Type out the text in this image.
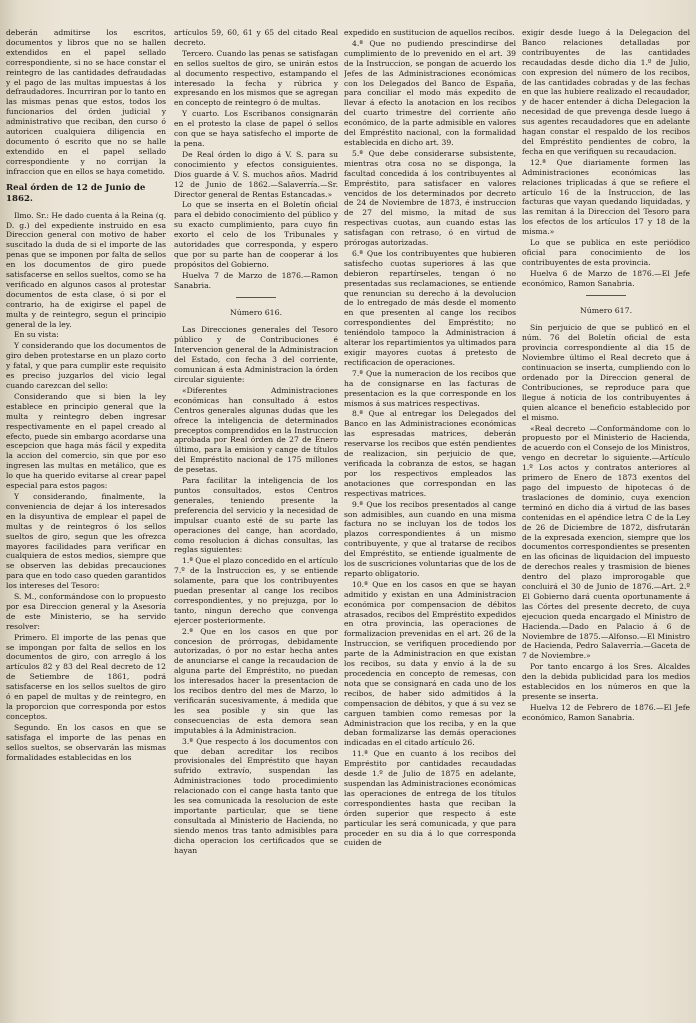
deberán admitirse los escritos, documentos y libros que no se hallen extendidos en el papel sellado correspondiente, si no se hace constar el reintegro de las cantidades defraudadas y el pago de las multas impuestas á los defraudadores. Incurriran por lo tanto en las mismas penas que estos, todos los funcionarios del órden judicial y administrativo que reciban, den curso ó autoricen cualquiera diligencia en documento ó escrito que no se halle extendido en el papel sellado correspondiente y no corrijan la infraccion que en ellos se haya cometido.

Real órden de 12 de Junio de 1862.

Ilmo. Sr.: He dado cuenta á la Reina (q. D. g.) del expediente instruido en esa Direccion general con motivo de haber suscitado la duda de si el importe de las penas que se imponen por falta de sellos en los documentos de giro puede satisfacerse en sellos sueltos, como se ha verificado en algunos casos al protestar documentos de esta clase, ó si por el contrario, ha de exigirse el papel de multa y de reintegro, segun el principio general de la ley.

En su vista:

Y considerando que los documentos de giro deben protestarse en un plazo corto y fatal, y que para cumplir este requisito es preciso juzgarlos del vicio legal cuando carezcan del sello:

Considerando que si bien la ley establece en principio general que la multa y reintegro deben ingresar respectivamente en el papel creado al efecto, puede sin embargo acordarse una escepcion que haga más fácil y expedita la accion del comercio, sin que por eso ingresen las multas en metálico, que es lo que ha querido evitarse al crear papel especial para estos pagos:

Y considerando, finalmente, la conveniencia de dejar á los interesados en la disyuntiva de emplear el papel de multas y de reintegros ó los sellos sueltos de giro, segun que les ofrezca mayores facilidades para verificar en cualquiera de estos medios, siempre que se observen las debidas precauciones para que en todo caso queden garantidos los intereses del Tesoro:

S. M., conformándose con lo propuesto por esa Direccion general y la Asesoría de este Ministerio, se ha servido resolver:

Primero. El importe de las penas que se impongan por falta de sellos en los documentos de giro, con arreglo á los artículos 82 y 83 del Real decreto de 12 de Setiembre de 1861, podrá satisfacerse en los sellos sueltos de giro ó en papel de multas y de reintegro, en la proporcion que corresponda por estos conceptos.

Segundo. En los casos en que se satisfaga el importe de las penas en sellos sueltos, se observarán las mismas formalidades establecidas en los

artículos 59, 60, 61 y 65 del citado Real decreto.

Tercero. Cuando las penas se satisfagan en sellos sueltos de giro, se unirán estos al documento respectivo, estampando el interesado la fecha y rúbrica y expresando en los mismos que se agregan en concepto de reintegro ó de multas.

Y cuarto. Los Escribanos consignarán en el protesto la clase de papel ó sellos con que se haya satisfecho el importe de la pena.

De Real órden lo digo á V. S. para su conocimiento y efectos consiguientes. Dios guarde á V. S. muchos años. Madrid 12 de Junio de 1862.—Salaverría.—Sr. Director general de Rentas Estancadas.»

Lo que se inserta en el Boletín oficial para el debido conocimiento del público y su exacto cumplimiento, para cuyo fin exorto el celo de los Tribunales y autoridades que corresponda, y espero que por su parte han de cooperar á los propósitos del Gobierno.

Huelva 7 de Marzo de 1876.—Ramon Sanabria.

Número 616.

Las Direcciones generales del Tesoro público y de Contribuciones é Intervencion general de la Administracion del Estado, con fecha 3 del corriente, comunican á esta Administracion la órden circular siguiente:

«Diferentes Administraciones económicas han consultado á estos Centros generales algunas dudas que les ofrece la inteligencia de determinados preceptos comprendidos en la Instruccion aprobada por Real órden de 27 de Enero último, para la emision y cange de títulos del Empréstito nacional de 175 millones de pesetas.

Para facilitar la inteligencia de los puntos consultados, estos Centros generales, teniendo presente la preferencia del servicio y la necesidad de impulsar cuanto esté de su parte las operaciones del cange, han acordado, como resolucion á dichas consultas, las reglas siguientes:

1.ª Que el plazo concedido en el artículo 7.º de la Instruccion es, y se entiende solamente, para que los contribuyentes puedan presentar al cange los recibos correspondientes, y no prejuzga, por lo tanto, ningun derecho que convenga ejercer posteriormente.

2.ª Que en los casos en que por concesion de prórrogas, debidamente autorizadas, ó por no estar hecha antes de anunciarse el cange la recaudacion de alguna parte del Empréstito, no puedan los interesados hacer la presentacion de los recibos dentro del mes de Marzo, lo verificarán sucesivamente, á medida que les sea posible y sin que las consecuencias de esta demora sean imputables á la Administracion.

3.ª Que respecto á los documentos con que deban acreditar los recibos provisionales del Empréstito que hayan sufrido extravío, suspendan las Administraciones todo procedimiento relacionado con el cange hasta tanto que les sea comunicada la resolucion de este importante particular, que se tiene consultada al Ministerio de Hacienda, no siendo menos tras tanto admisibles para dicha operacion los certificados que se hayan

expedido en sustitucion de aquellos recibos.

4.ª Que no pudiendo prescindirse del cumplimiento de lo prevenido en el art. 39 de la Instruccion, se pongan de acuerdo los Jefes de las Administraciones económicas con los Delegados del Banco de España, para conciliar el modo más expedito de llevar á efecto la anotacion en los recibos del cuarto trimestre del corriente año económico, de la parte admisible en valores del Empréstito nacional, con la formalidad establecida en dicho art. 39.

5.ª Que debe considerarse subsistente, mientras otra cosa no se disponga, la facultad concedida á los contribuyentes al Empréstito, para satisfacer en valores vencidos de los determinados por decreto de 24 de Noviembre de 1873, é instruccion de 27 del mismo, la mitad de sus respectivas cuotas, aun cuando estas las satisfagan con retraso, ó en virtud de prórogas autorizadas.

6.ª Que los contribuyentes que hubieren satisfecho cuotas superiores á las que debieron repartírseles, tengan ó no presentadas sus reclamaciones, se entiende que renuncian su derecho á la devolucion de lo entregado de más desde el momento en que presenten al cange los recibos correspondientes del Empréstito; no teniéndolo tampoco la Administracion á alterar los repartimientos ya ultimados para exigir mayores cuotas á pretesto de rectificacion de operaciones.

7.ª Que la numeracion de los recibos que ha de consignarse en las facturas de presentacion es la que corresponde en los mismos á sus matrices respectivas.

8.ª Que al entregar los Delegados del Banco en las Administraciones económicas las espresadas matrices, deberán reservarse los recibos que estén pendientes de realizacion, sin perjuicio de que, verificada la cobranza de estos, se hagan por los respectivos empleados las anotaciones que correspondan en las respectivas matrices.

9.ª Que los recibos presentados al cange son admisibles, aun cuando en una misma factura no se incluyan los de todos los plazos correspondientes á un mismo contribuyente, y que al tratarse de recibos del Empréstito, se entiende igualmente de los de suscriciones voluntarias que de los de reparto obligatorio.

10.ª Que en los casos en que se hayan admitido y existan en una Administracion económica por compensacion de débitos atrasados, recibos del Empréstito expedidos en otra provincia, las operaciones de formalizacion prevenidas en el art. 26 de la Instruccion, se verifiquen procediendo por parte de la Administracion en que existan los recibos, su data y envío á la de su procedencia en concepto de remesas, con nota que se consignará en cada uno de los recibos, de haber sido admitidos á la compensacion de débitos, y que á su vez se carguen tambien como remesas por la Administracion que los reciba, y en la que deban formalizarse las demás operaciones indicadas en el citado artículo 26.

11.ª Que en cuanto á los recibos del Empréstito por cantidades recaudadas desde 1.º de Julio de 1875 en adelante, suspendan las Administraciones económicas las operaciones de entrega de los títulos correspondientes hasta que reciban la órden superior que respecto á este particular les será comunicada, y que para proceder en su dia á lo que corresponda cuiden de

exigir desde luego á la Delegacion del Banco relaciones detalladas por contribuyentes de las cantidades recaudadas desde dicho dia 1.º de Julio, con expresion del número de los recibos, de las cantidades cobradas y de las fechas en que las hubiere realizado el recaudador, y de hacer entender á dicha Delegacion la necesidad de que prevenga desde luego á sus agentes recaudadores que en adelante hagan constar el respaldo de los recibos del Empréstito pendientes de cobro, la fecha en que verifiquen su recaudacion.

12.ª Que diariamente formen las Administraciones económicas las relaciones triplicadas á que se refiere el artículo 16 de la Instruccion, de las facturas que vayan quedando liquidadas, y las remitan á la Direccion del Tesoro para los efectos de los artículos 17 y 18 de la misma.»

Lo que se publica en este periódico oficial para conocimiento de los contribuyentes de esta provincia.

Huelva 6 de Marzo de 1876.—El Jefe económico, Ramon Sanabria.

Número 617.

Sin perjuicio de que se publicó en el núm. 76 del Boletín oficial de esta provincia correspondiente al dia 15 de Noviembre último el Real decreto que á continuacion se inserta, cumpliendo con lo ordenado por la Direccion general de Contribuciones, se reproduce para que llegue á noticia de los contribuyentes á quien alcance el beneficio establecido por el mismo.

«Real decreto —Conformándome con lo propuesto por el Ministerio de Hacienda, de acuerdo con el Consejo de los Ministros, vengo en decretar lo siguiente.—Artículo 1.º Los actos y contratos anteriores al primero de Enero de 1873 exentos del pago del impuesto de hipotecas ó de traslaciones de dominio, cuya exencion terminó en dicho dia á virtud de las bases contenidas en el apéndice letra C de la Ley de 26 de Diciembre de 1872, disfrutarán de la expresada exencion, siempre que los documentos correspondientes se presenten en las oficinas de liquidacion del impuesto de derechos reales y trasmision de bienes dentro del plazo improrogable que concluirá el 30 de Junio de 1876.—Art. 2.º El Gobierno dará cuenta oportunamente á las Córtes del presente decreto, de cuya ejecucion queda encargado el Ministro de Hacienda.—Dado en Palacio á 6 de Noviembre de 1875.—Alfonso.—El Ministro de Hacienda, Pedro Salaverría.—Gaceta de 7 de Noviembre.»

Por tanto encargo á los Sres. Alcaldes den la debida publicidad para los medios establecidos en los números en que la presente se inserta.

Huelva 12 de Febrero de 1876.—El Jefe económico, Ramon Sanabria.
